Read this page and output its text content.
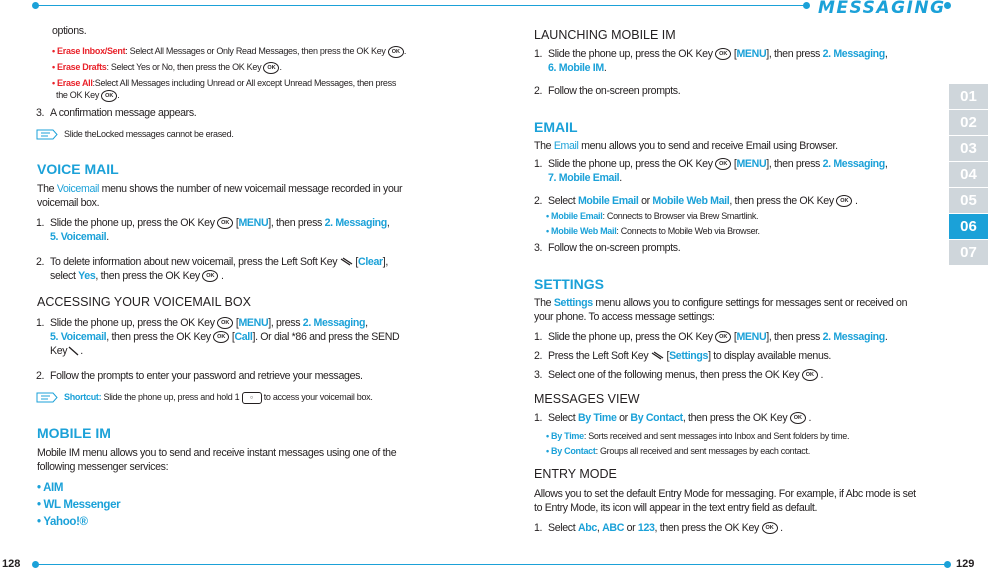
MESSAGING
01
02
03
04
05
06
07
128	129
options.
• Erase Inbox/Sent: Select All Messages or Only Read Messages, then press the OK Key OK .
• Erase Drafts: Select Yes or No, then press the OK Key OK .
• Erase All:Select All Messages including Unread or All except Unread Messages, then press
the OK Key OK .
3. A confirmation message appears.
Slide theLocked messages cannot be erased.
VOICE MAIL
The Voicemail menu shows the number of new voicemail message recorded in your
voicemail box.
1. Slide the phone up, press the OK Key OK [MENU], then press 2. Messaging,
5. Voicemail.
2. To delete information about new voicemail, press the Left Soft Key  [Clear],
select Yes, then press the OK Key OK .
ACCESSING YOUR VOICEMAIL BOX
1. Slide the phone up, press the OK Key OK [MENU], press 2. Messaging,
5. Voicemail, then press the OK Key OK [Call]. Or dial *86 and press the SEND
Key .
2. Follow the prompts to enter your password and retrieve your messages.
Shortcut: Slide the phone up, press and hold 1 ○ to access your voicemail box.
MOBILE IM
Mobile IM menu allows you to send and receive instant messages using one of the
following messenger services:
• AIM
• WL Messenger
• Yahoo!®
LAUNCHING MOBILE IM
1. Slide the phone up, press the OK Key OK [MENU], then press 2. Messaging,
6. Mobile IM.
2. Follow the on-screen prompts.
EMAIL
The Email menu allows you to send and receive Email using Browser.
1. Slide the phone up, press the OK Key OK [MENU], then press 2. Messaging,
7. Mobile Email.
2. Select Mobile Email or Mobile Web Mail, then press the OK Key OK .
• Mobile Email: Connects to Browser via Brew Smartlink.
• Mobile Web Mail: Connects to Mobile Web via Browser.
3. Follow the on-screen prompts.
SETTINGS
The Settings menu allows you to configure settings for messages sent or received on
your phone. To access message settings:
1. Slide the phone up, press the OK Key OK [MENU], then press 2. Messaging.
2. Press the Left Soft Key  [Settings] to display available menus.
3. Select one of the following menus, then press the OK Key OK .
MESSAGES VIEW
1. Select By Time or By Contact, then press the OK Key OK .
• By Time: Sorts received and sent messages into Inbox and Sent folders by time.
• By Contact: Groups all received and sent messages by each contact.
ENTRY MODE
Allows you to set the default Entry Mode for messaging. For example, if Abc mode is set
to Entry Mode, its icon will appear in the text entry field as default.
1. Select Abc, ABC or 123, then press the OK Key OK .
